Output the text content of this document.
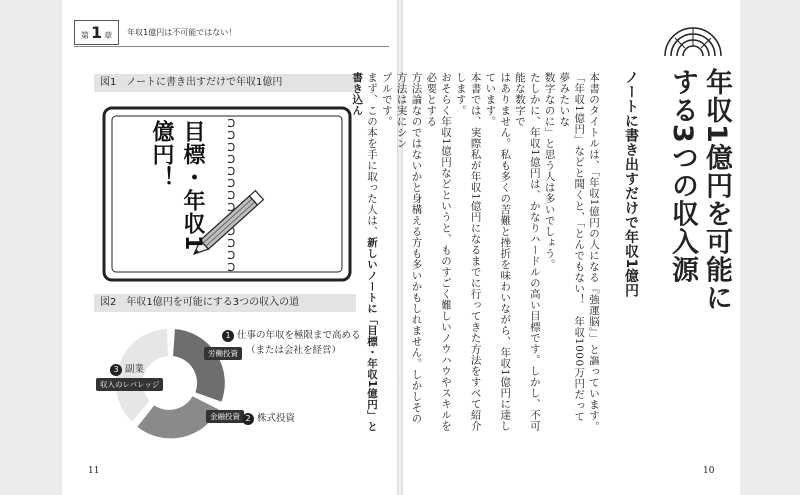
第 1 章 年収1億円は不可能ではない！
図1　ノートに書き出すだけで年収1億円
目標・年収1億円！
図2　年収1億円を可能にする3つの収入の道
労働投資
金融投資
収入のレバレッジ
1 仕事の年収を極限まで高める
（または会社を経営）
2 株式投資
3 副業
11
年収1億円を可能にする3つの収入源
ノートに書き出すだけで年収1億円

本書のタイトルは、「年収1億円の人になる『強運脳』」と謳っています。

「年収1億円」などと聞くと、「とんでもない！　年収1000万円だって夢みたいな

数字なのに」と思う人は多いでしょう。

たしかに、年収1億円は、かなりハードルの高い目標です。しかし、不可能な数字で

はありません。私も多くの苦難と挫折を味わいながら、年収1億円に達しています。

本書では、実際私が年収1億円になるまでに行ってきた方法をすべて紹介します。

おそらく年収1億円などというと、ものすごく難しいノウハウやスキルを必要とする

方法論なのではないかと身構える方も多いかもしれません。しかしその方法は実にシン

プルです。

まず、この本を手に取った人は、新しいノートに「目標・年収1億円」と書き込ん

10
